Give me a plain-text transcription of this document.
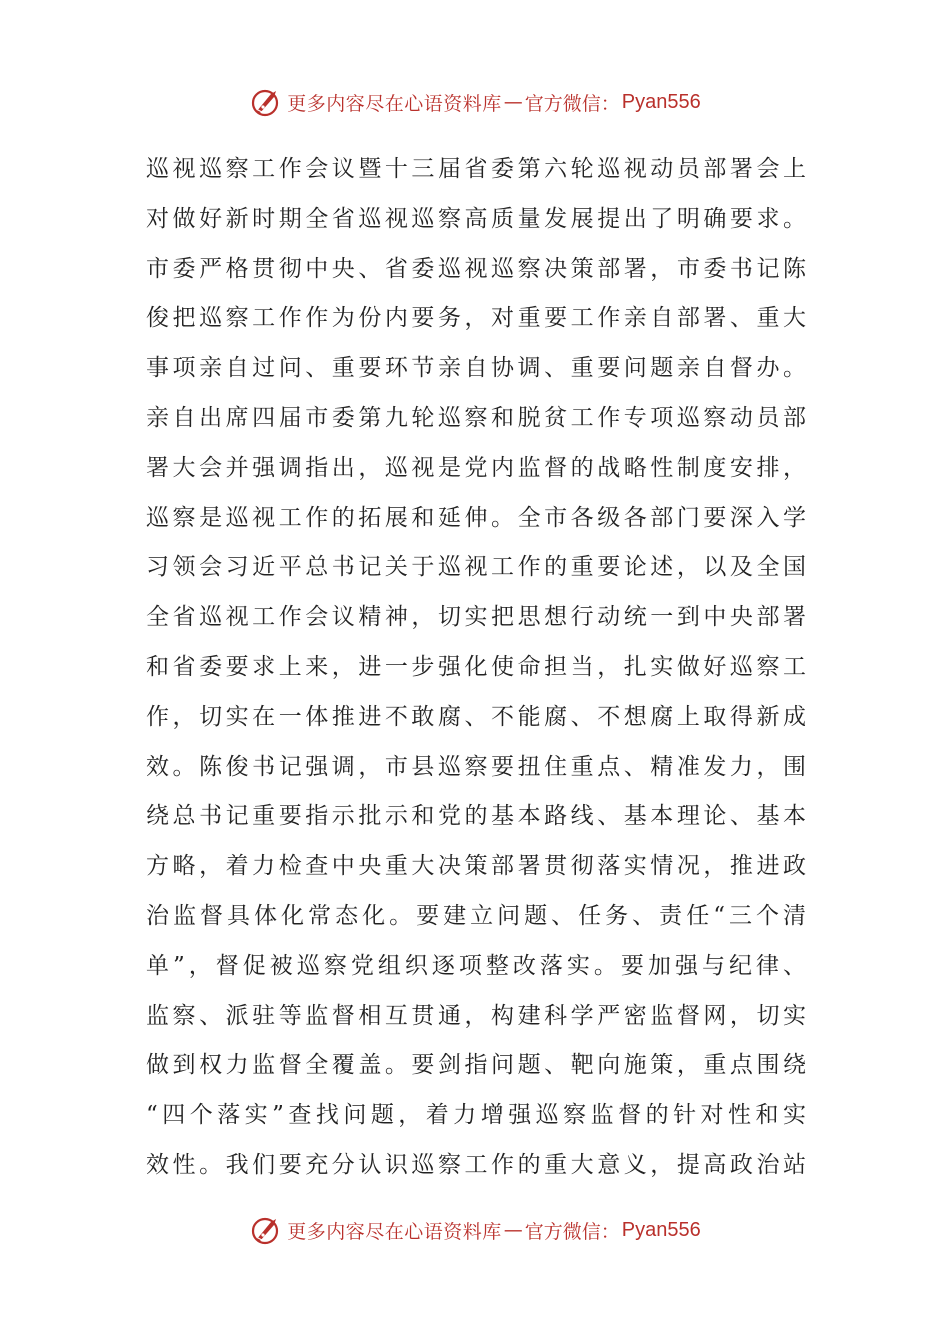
更多内容尽在心语资料库 — 官方微信： Pyan556
巡视巡察工作会议暨十三届省委第六轮巡视动员部署会上
对做好新时期全省巡视巡察高质量发展提出了明确要求。
市委严格贯彻中央、省委巡视巡察决策部署，市委书记陈
俊把巡察工作作为份内要务，对重要工作亲自部署、重大
事项亲自过问、重要环节亲自协调、重要问题亲自督办。
亲自出席四届市委第九轮巡察和脱贫工作专项巡察动员部
署大会并强调指出，巡视是党内监督的战略性制度安排，
巡察是巡视工作的拓展和延伸。全市各级各部门要深入学
习领会习近平总书记关于巡视工作的重要论述，以及全国
全省巡视工作会议精神，切实把思想行动统一到中央部署
和省委要求上来，进一步强化使命担当，扎实做好巡察工
作，切实在一体推进不敢腐、不能腐、不想腐上取得新成
效。陈俊书记强调，市县巡察要扭住重点、精准发力，围
绕总书记重要指示批示和党的基本路线、基本理论、基本
方略，着力检查中央重大决策部署贯彻落实情况，推进政
治监督具体化常态化。要建立问题、任务、责任“三个清
单”，督促被巡察党组织逐项整改落实。要加强与纪律、
监察、派驻等监督相互贯通，构建科学严密监督网，切实
做到权力监督全覆盖。要剑指问题、靶向施策，重点围绕
“四个落实”查找问题，着力增强巡察监督的针对性和实
效性。我们要充分认识巡察工作的重大意义，提高政治站
更多内容尽在心语资料库 — 官方微信： Pyan556
